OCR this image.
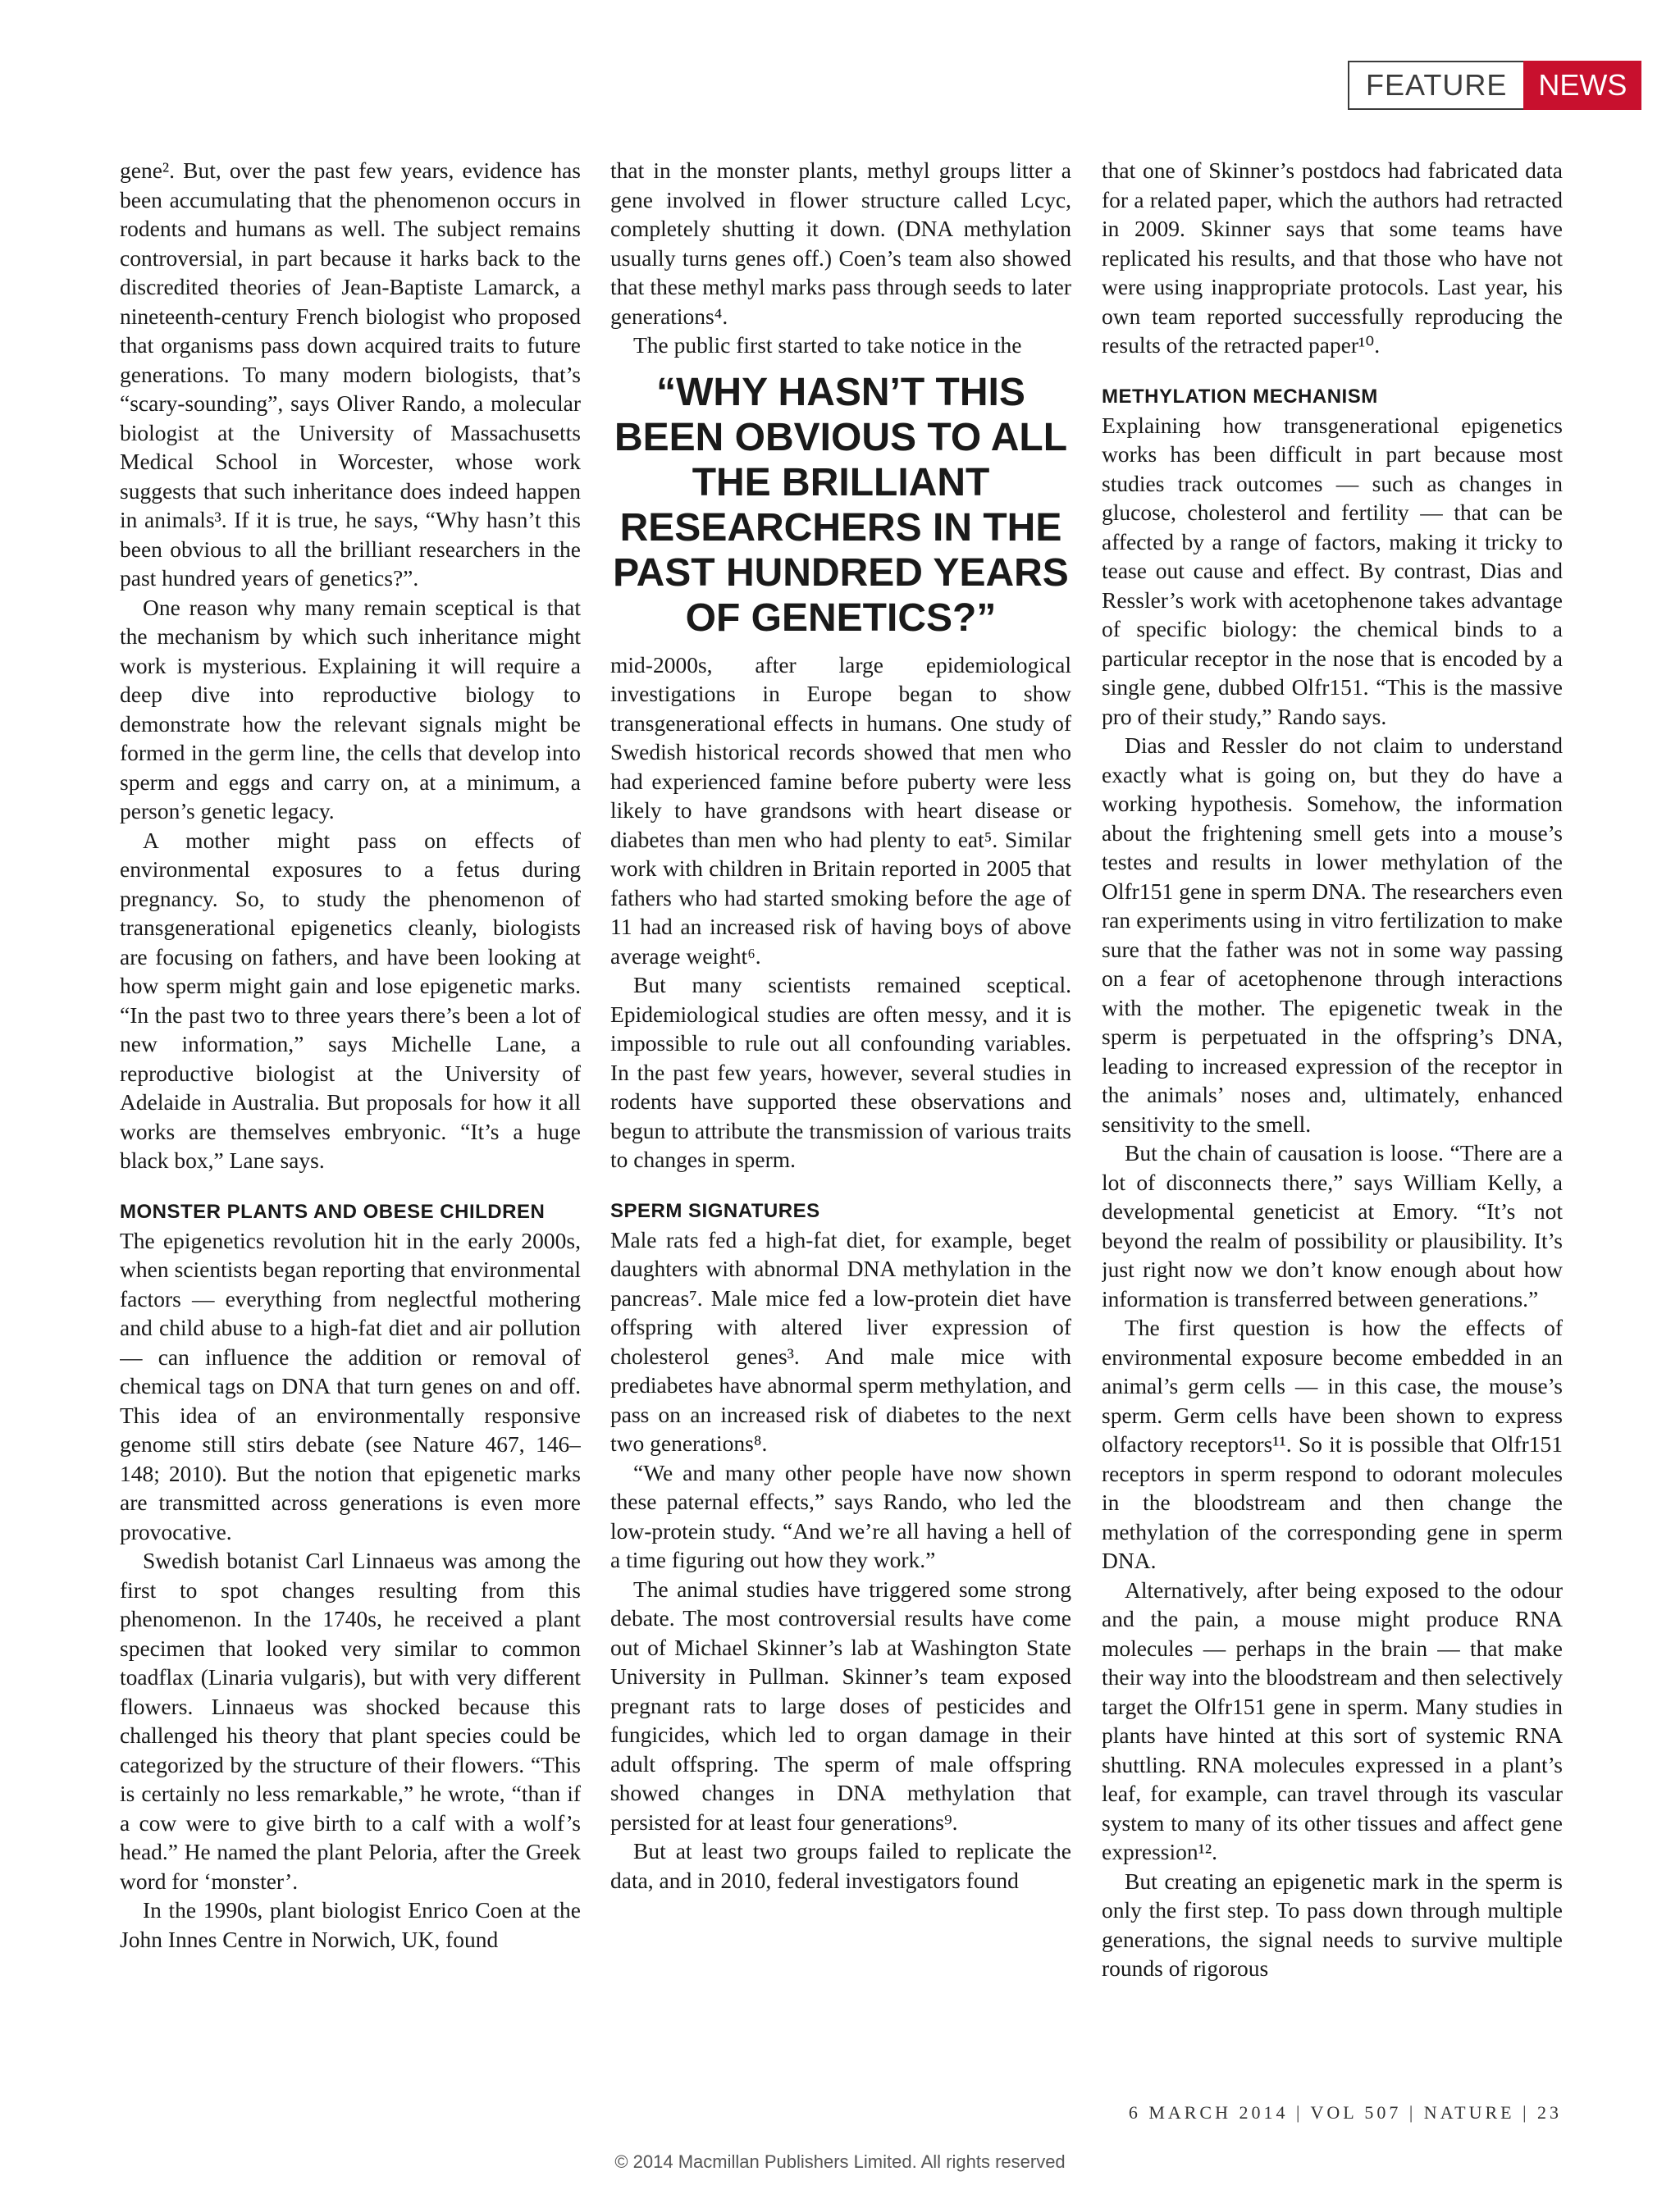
FEATURE	NEWS

gene². But, over the past few years, evidence has been accumulating that the phenomenon occurs in rodents and humans as well. The subject remains controversial, in part because it harks back to the discredited theories of Jean-Baptiste Lamarck, a nineteenth-century French biologist who proposed that organisms pass down acquired traits to future generations. To many modern biologists, that’s “scary-sounding”, says Oliver Rando, a molecular biologist at the University of Massachusetts Medical School in Worcester, whose work suggests that such inheritance does indeed happen in animals³. If it is true, he says, “Why hasn’t this been obvious to all the brilliant researchers in the past hundred years of genetics?”.

One reason why many remain sceptical is that the mechanism by which such inheritance might work is mysterious. Explaining it will require a deep dive into reproductive biology to demonstrate how the relevant signals might be formed in the germ line, the cells that develop into sperm and eggs and carry on, at a minimum, a person’s genetic legacy.

A mother might pass on effects of environmental exposures to a fetus during pregnancy. So, to study the phenomenon of transgenerational epigenetics cleanly, biologists are focusing on fathers, and have been looking at how sperm might gain and lose epigenetic marks. “In the past two to three years there’s been a lot of new information,” says Michelle Lane, a reproductive biologist at the University of Adelaide in Australia. But proposals for how it all works are themselves embryonic. “It’s a huge black box,” Lane says.

MONSTER PLANTS AND OBESE CHILDREN

The epigenetics revolution hit in the early 2000s, when scientists began reporting that environmental factors — everything from neglectful mothering and child abuse to a high-fat diet and air pollution — can influence the addition or removal of chemical tags on DNA that turn genes on and off. This idea of an environmentally responsive genome still stirs debate (see Nature 467, 146–148; 2010). But the notion that epigenetic marks are transmitted across generations is even more provocative.

Swedish botanist Carl Linnaeus was among the first to spot changes resulting from this phenomenon. In the 1740s, he received a plant specimen that looked very similar to common toadflax (Linaria vulgaris), but with very different flowers. Linnaeus was shocked because this challenged his theory that plant species could be categorized by the structure of their flowers. “This is certainly no less remarkable,” he wrote, “than if a cow were to give birth to a calf with a wolf’s head.” He named the plant Peloria, after the Greek word for ‘monster’.

In the 1990s, plant biologist Enrico Coen at the John Innes Centre in Norwich, UK, found

that in the monster plants, methyl groups litter a gene involved in flower structure called Lcyc, completely shutting it down. (DNA methylation usually turns genes off.) Coen’s team also showed that these methyl marks pass through seeds to later generations⁴.

The public first started to take notice in the

“WHY HASN’T THIS BEEN OBVIOUS TO ALL THE BRILLIANT RESEARCHERS IN THE PAST HUNDRED YEARS OF GENETICS?”

mid-2000s, after large epidemiological investigations in Europe began to show transgenerational effects in humans. One study of Swedish historical records showed that men who had experienced famine before puberty were less likely to have grandsons with heart disease or diabetes than men who had plenty to eat⁵. Similar work with children in Britain reported in 2005 that fathers who had started smoking before the age of 11 had an increased risk of having boys of above average weight⁶.

But many scientists remained sceptical. Epidemiological studies are often messy, and it is impossible to rule out all confounding variables. In the past few years, however, several studies in rodents have supported these observations and begun to attribute the transmission of various traits to changes in sperm.

SPERM SIGNATURES

Male rats fed a high-fat diet, for example, beget daughters with abnormal DNA methylation in the pancreas⁷. Male mice fed a low-protein diet have offspring with altered liver expression of cholesterol genes³. And male mice with prediabetes have abnormal sperm methylation, and pass on an increased risk of diabetes to the next two generations⁸.

“We and many other people have now shown these paternal effects,” says Rando, who led the low-protein study. “And we’re all having a hell of a time figuring out how they work.”

The animal studies have triggered some strong debate. The most controversial results have come out of Michael Skinner’s lab at Washington State University in Pullman. Skinner’s team exposed pregnant rats to large doses of pesticides and fungicides, which led to organ damage in their adult offspring. The sperm of male offspring showed changes in DNA methylation that persisted for at least four generations⁹.

But at least two groups failed to replicate the data, and in 2010, federal investigators found

that one of Skinner’s postdocs had fabricated data for a related paper, which the authors had retracted in 2009. Skinner says that some teams have replicated his results, and that those who have not were using inappropriate protocols. Last year, his own team reported successfully reproducing the results of the retracted paper¹⁰.

METHYLATION MECHANISM

Explaining how transgenerational epigenetics works has been difficult in part because most studies track outcomes — such as changes in glucose, cholesterol and fertility — that can be affected by a range of factors, making it tricky to tease out cause and effect. By contrast, Dias and Ressler’s work with acetophenone takes advantage of specific biology: the chemical binds to a particular receptor in the nose that is encoded by a single gene, dubbed Olfr151. “This is the massive pro of their study,” Rando says.

Dias and Ressler do not claim to understand exactly what is going on, but they do have a working hypothesis. Somehow, the information about the frightening smell gets into a mouse’s testes and results in lower methylation of the Olfr151 gene in sperm DNA. The researchers even ran experiments using in vitro fertilization to make sure that the father was not in some way passing on a fear of acetophenone through interactions with the mother. The epigenetic tweak in the sperm is perpetuated in the offspring’s DNA, leading to increased expression of the receptor in the animals’ noses and, ultimately, enhanced sensitivity to the smell.

But the chain of causation is loose. “There are a lot of disconnects there,” says William Kelly, a developmental geneticist at Emory. “It’s not beyond the realm of possibility or plausibility. It’s just right now we don’t know enough about how information is transferred between generations.”

The first question is how the effects of environmental exposure become embedded in an animal’s germ cells — in this case, the mouse’s sperm. Germ cells have been shown to express olfactory receptors¹¹. So it is possible that Olfr151 receptors in sperm respond to odorant molecules in the bloodstream and then change the methylation of the corresponding gene in sperm DNA.

Alternatively, after being exposed to the odour and the pain, a mouse might produce RNA molecules — perhaps in the brain — that make their way into the bloodstream and then selectively target the Olfr151 gene in sperm. Many studies in plants have hinted at this sort of systemic RNA shuttling. RNA molecules expressed in a plant’s leaf, for example, can travel through its vascular system to many of its other tissues and affect gene expression¹².

But creating an epigenetic mark in the sperm is only the first step. To pass down through multiple generations, the signal needs to survive multiple rounds of rigorous

6 MARCH 2014 | VOL 507 | NATURE | 23
© 2014 Macmillan Publishers Limited. All rights reserved
